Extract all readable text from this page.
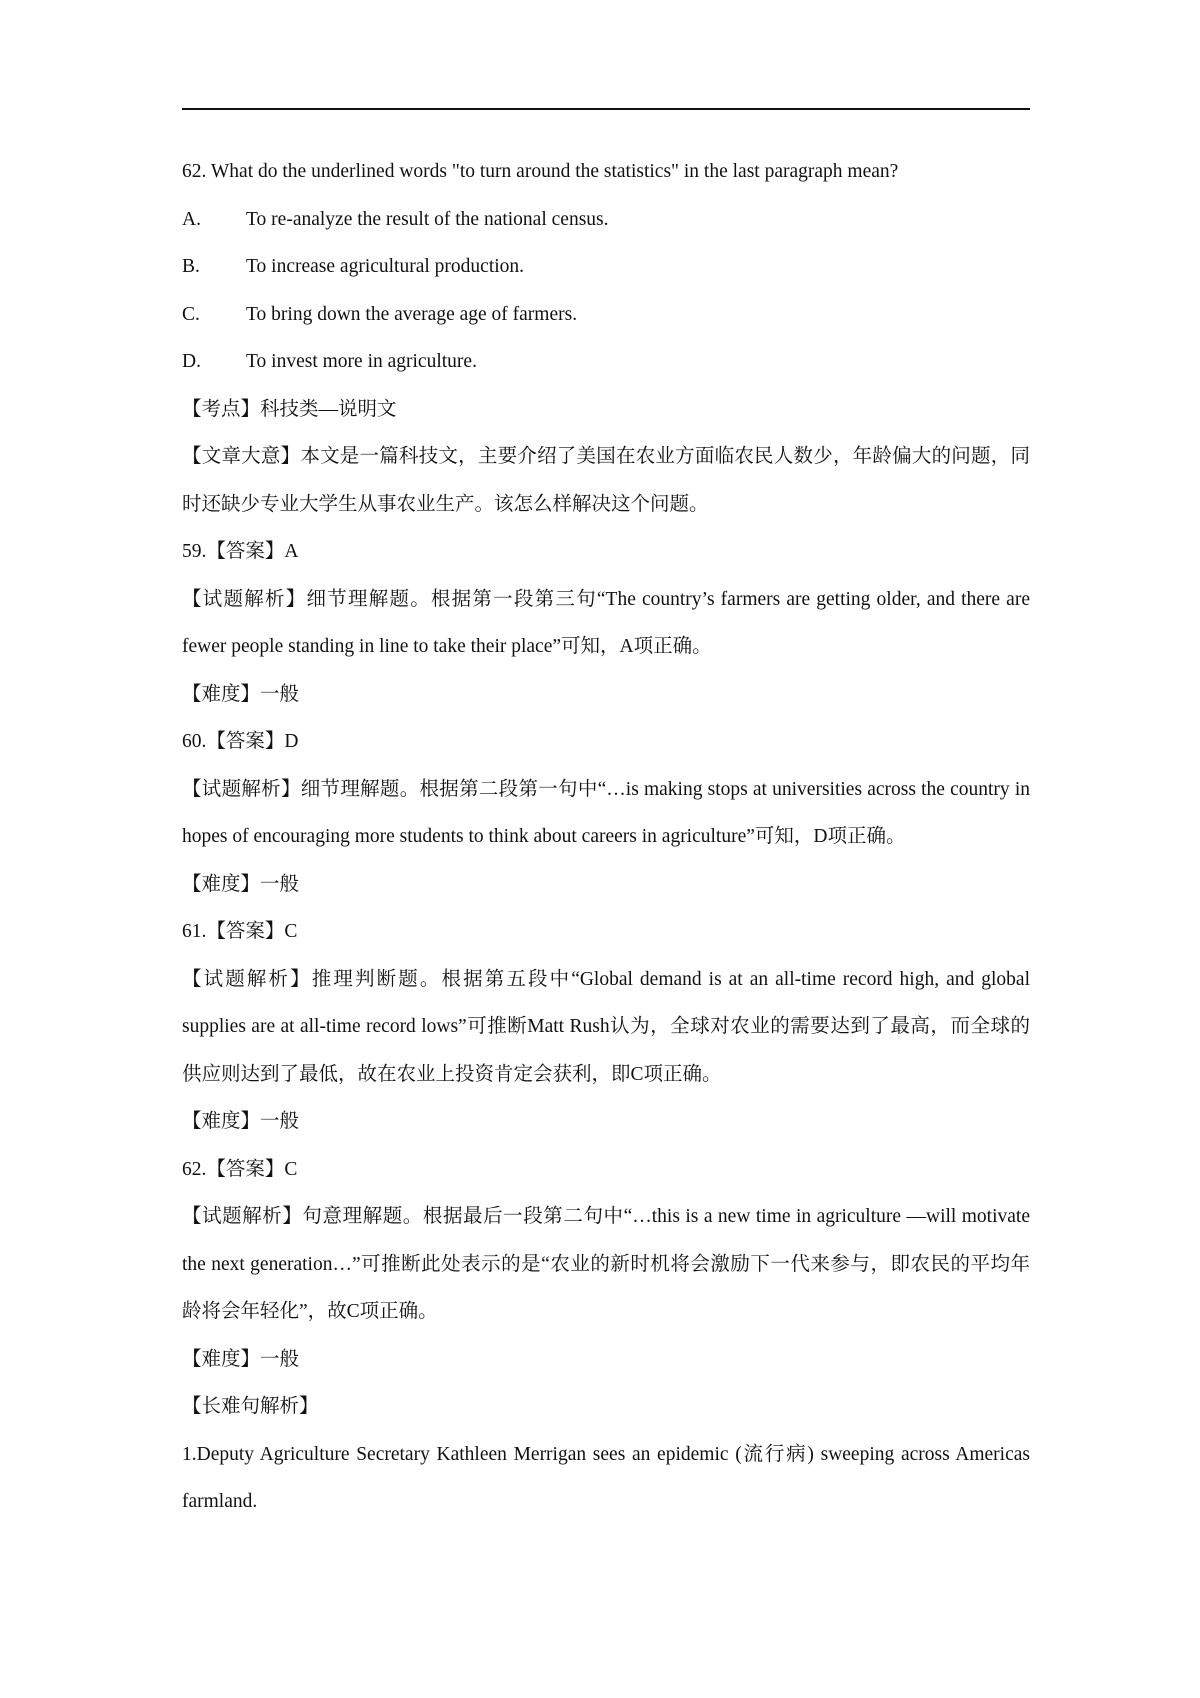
62. What do the underlined words "to turn around the statistics" in the last paragraph mean?
A. To re-analyze the result of the national census.
B. To increase agricultural production.
C. To bring down the average age of farmers.
D. To invest more in agriculture.
【考点】科技类—说明文
【文章大意】本文是一篇科技文，主要介绍了美国在农业方面临农民人数少，年龄偏大的问题，同时还缺少专业大学生从事农业生产。该怎么样解决这个问题。
59.【答案】A
【试题解析】细节理解题。根据第一段第三句“The country’s farmers are getting older, and there are fewer people standing in line to take their place”可知，A项正确。
【难度】一般
60.【答案】D
【试题解析】细节理解题。根据第二段第一句中“…is making stops at universities across the country in hopes of encouraging more students to think about careers in agriculture”可知，D项正确。
【难度】一般
61.【答案】C
【试题解析】推理判断题。根据第五段中“Global demand is at an all-time record high, and global supplies are at all-time record lows”可推断Matt Rush认为，全球对农业的需要达到了最高，而全球的供应则达到了最低，故在农业上投资肯定会获利，即C项正确。
【难度】一般
62.【答案】C
【试题解析】句意理解题。根据最后一段第二句中“…this is a new time in agriculture —will motivate the next generation…”可推断此处表示的是“农业的新时机将会激励下一代来参与，即农民的平均年龄将会年轻化”，故C项正确。
【难度】一般
【长难句解析】
1.Deputy Agriculture Secretary Kathleen Merrigan sees an epidemic (流行病) sweeping across Americas farmland.
